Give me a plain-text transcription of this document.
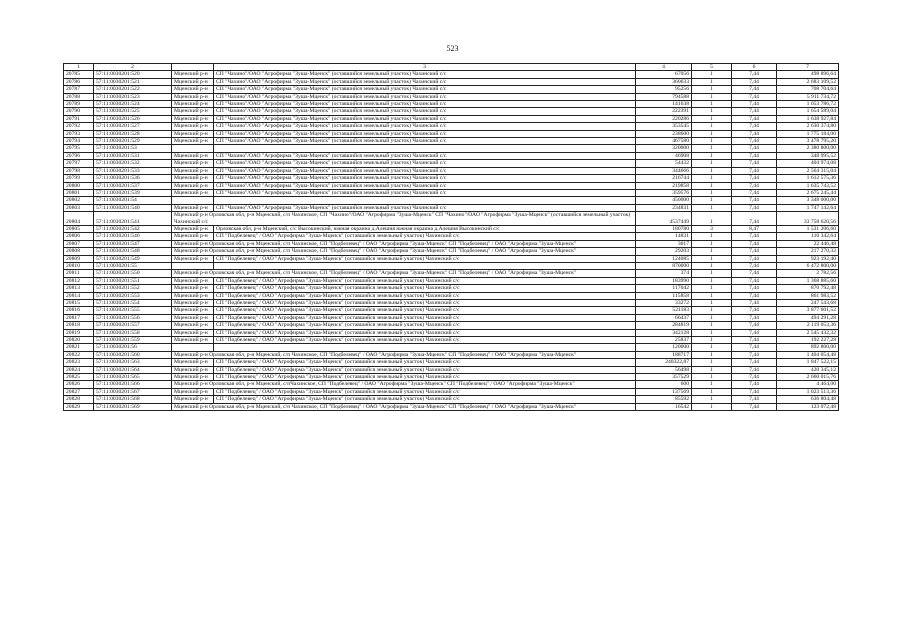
523
1	2		3	4	5	6	7
20785	57:11:0030201:520	Мценский р-н	СП "Чахино"/ОАО "Агрофирма "Зуша-Мценск" (оставшийся земельный участок) Чахинский с/с	67056	1	7,44	498 896,64
20786	57:11:0030201:521	Мценский р-н	СП "Чахино"/ОАО "Агрофирма "Зуша-Мценск" (оставшийся земельный участок) Чахинский с/с	360633	1	7,44	2 683 109,52
20787	57:11:0030201:522	Мценский р-н	СП "Чахино"/ОАО "Агрофирма "Зуша-Мценск" (оставшийся земельный участок) Чахинский с/с	95256	1	7,44	708 704,64
20788	57:11:0030201:523	Мценский р-н	СП "Чахино"/ОАО "Агрофирма "Зуша-Мценск" (оставшийся земельный участок) Чахинский с/с	794588	1	7,44	5 911 734,72
20789	57:11:0030201:524	Мценский р-н	СП "Чахино"/ОАО "Агрофирма "Зуша-Мценск" (оставшийся земельный участок) Чахинский с/с	141638	1	7,44	1 053 786,72
20790	57:11:0030201:525	Мценский р-н	СП "Чахино"/ОАО "Агрофирма "Зуша-Мценск" (оставшийся земельный участок) Чахинский с/с	222391	1	7,44	1 654 589,04
20791	57:11:0030201:526	Мценский р-н	СП "Чахино"/ОАО "Агрофирма "Зуша-Мценск" (оставшийся земельный участок) Чахинский с/с	220286	1	7,44	1 638 927,84
20792	57:11:0030201:527	Мценский р-н	СП "Чахино"/ОАО "Агрофирма "Зуша-Мценск" (оставшийся земельный участок) Чахинский с/с	353545	1	7,44	2 630 374,80
20793	57:11:0030201:528	Мценский р-н	СП "Чахино"/ОАО "Агрофирма "Зуша-Мценск" (оставшийся земельный участок) Чахинский с/с	238600	1	7,44	1 775 184,00
20794	57:11:0030201:529	Мценский р-н	СП "Чахино"/ОАО "Агрофирма "Зуша-Мценск" (оставшийся земельный участок) Чахинский с/с	467580	1	7,44	3 478 795,20
20795	57:11:0030201:53			320000	1	7,44	2 380 800,00
20796	57:11:0030201:531	Мценский р-н	СП "Чахино"/ОАО "Агрофирма "Зуша-Мценск" (оставшийся земельный участок) Чахинский с/с	46908	1	7,44	348 995,52
20797	57:11:0030201:532	Мценский р-н	СП "Чахино"/ОАО "Агрофирма "Зуша-Мценск" (оставшийся земельный участок) Чахинский с/с	54432	1	7,44	404 974,08
20798	57:11:0030201:533	Мценский р-н	СП "Чахино"/ОАО "Агрофирма "Зуша-Мценск" (оставшийся земельный участок) Чахинский с/с	344666	1	7,44	2 564 315,04
20799	57:11:0030201:536	Мценский р-н	СП "Чахино"/ОАО "Агрофирма "Зуша-Мценск" (оставшийся земельный участок) Чахинский с/с	216744	1	7,44	1 612 575,36
20800	57:11:0030201:537	Мценский р-н	СП "Чахино"/ОАО "Агрофирма "Зуша-Мценск" (оставшийся земельный участок) Чахинский с/с	219858	1	7,44	1 635 743,52
20801	57:11:0030201:539	Мценский р-н	СП "Чахино"/ОАО "Агрофирма "Зуша-Мценск" (оставшийся земельный участок) Чахинский с/с	359576	1	7,44	2 675 245,44
20802	57:11:0030201:54			450000	1	7,44	3 348 000,00
20803	57:11:0030201:540	Мценский р-н	СП "Чахино"/ОАО "Агрофирма "Зуша-Мценск" (оставшийся земельный участок) Чахинский с/с	234831	1	7,44	1 747 142,64
20804	57:11:0030201:541	Мценский р-н Орловская обл, р-н Мценский, с/п Чахинское, СП "Чахино"/ОАО "Агрофирма "Зуша-Мценск" СП "Чахино"/ОАО "Агрофирма "Зуша-Мценск" (оставшийся земельный участок) Чахинский с/с		4537449	1	7,44	33 758 620,56
20805	57:11:0030201:542	Мценский р-н	Орловская обл, р-н Мценский, с/с Высокинский, южная окраина д.Алешня южная окраина д.Алешня Высокинский с/с	180780	3	8,47	1 531 206,60
20806	57:11:0030201:546	Мценский р-н	СП "Подбелевец" / ОАО "Агрофирма "Зуша-Мценск" (оставшийся земельный участок) Чахинский с/с	14831	1	7,44	110 342,64
20807	57:11:0030201:547	Мценский р-н Орловская обл, р-н Мценский, с/п Чахинское, СП "Подбелевец" / ОАО "Агрофирма "Зуша-Мценск" СП "Подбелевец" / ОАО "Агрофирма "Зуша-Мценск"		3017	1	7,44	22 446,48
20808	57:11:0030201:548	Мценский р-н Орловская обл, р-н Мценский, с/п Чахинское, СП "Подбелевец" / ОАО "Агрофирма "Зуша-Мценск" СП "Подбелевец" / ОАО "Агрофирма "Зуша-Мценск"		29203	1	7,44	217 270,32
20809	57:11:0030201:549	Мценский р-н	СП "Подбелевец" / ОАО "Агрофирма "Зуша-Мценск" (оставшийся земельный участок) Чахинский с/с	124085	1	7,44	923 192,40
20810	57:11:0030201:55			870000	1	7,44	6 472 800,00
20811	57:11:0030201:550	Мценский р-н Орловская обл, р-н Мценский, с/п Чахинское, СП "Подбелевец" / ОАО "Агрофирма "Зуша-Мценск" СП "Подбелевец" / ОАО "Агрофирма "Зуша-Мценск"		374	1	7,44	2 782,56
20812	57:11:0030201:551	Мценский р-н	СП "Подбелевец" / ОАО "Агрофирма "Зуша-Мценск" (оставшийся земельный участок) Чахинский с/с	183990	1	7,44	1 368 885,60
20813	57:11:0030201:552	Мценский р-н	СП "Подбелевец" / ОАО "Агрофирма "Зуша-Мценск" (оставшийся земельный участок) Чахинский с/с	117042	1	7,44	870 792,48
20814	57:11:0030201:553	Мценский р-н	СП "Подбелевец" / ОАО "Агрофирма "Зуша-Мценск" (оставшийся земельный участок) Чахинский с/с	115858	1	7,44	861 983,52
20815	57:11:0030201:554	Мценский р-н	СП "Подбелевец" / ОАО "Агрофирма "Зуша-Мценск" (оставшийся земельный участок) Чахинский с/с	33272	1	7,44	247 543,68
20816	57:11:0030201:555	Мценский р-н	СП "Подбелевец" / ОАО "Агрофирма "Зуша-Мценск" (оставшийся земельный участок) Чахинский с/с	521183	1	7,44	3 877 601,52
20817	57:11:0030201:556	Мценский р-н	СП "Подбелевец" / ОАО "Агрофирма "Зуша-Мценск" (оставшийся земельный участок) Чахинский с/с	66437	1	7,44	494 291,28
20818	57:11:0030201:557	Мценский р-н	СП "Подбелевец" / ОАО "Агрофирма "Зуша-Мценск" (оставшийся земельный участок) Чахинский с/с	284819	1	7,44	2 119 053,36
20819	57:11:0030201:558	Мценский р-н	СП "Подбелевец" / ОАО "Агрофирма "Зуша-Мценск" (оставшийся земельный участок) Чахинский с/с	342128	1	7,44	2 545 432,32
20820	57:11:0030201:559	Мценский р-н	СП "Подбелевец" / ОАО "Агрофирма "Зуша-Мценск" (оставшийся земельный участок) Чахинский с/с	25837	1	7,44	192 227,28
20821	57:11:0030201:56			120000	1	7,44	892 800,00
20822	57:11:0030201:560	Мценский р-н Орловская обл, р-н Мценский, с/п Чахинское, СП "Подбелевец" / ОАО "Агрофирма "Зуша-Мценск" СП "Подбелевец" / ОАО "Агрофирма "Зуша-Мценск"		188717	1	7,44	1 404 054,48
20823	57:11:0030201:563	Мценский р-н	СП "Подбелевец" / ОАО "Агрофирма "Зуша-Мценск" (оставшийся земельный участок) Чахинский с/с	248322,87	1	7,44	1 847 522,15
20824	57:11:0030201:564	Мценский р-н	СП "Подбелевец" / ОАО "Агрофирма "Зуша-Мценск" (оставшийся земельный участок) Чахинский с/с	56498	1	7,44	420 345,12
20825	57:11:0030201:565	Мценский р-н	СП "Подбелевец" / ОАО "Агрофирма "Зуша-Мценск" (оставшийся земельный участок) Чахинский с/с	357529	1	7,44	2 660 015,76
20826	57:11:0030201:566	Мценский р-н Орловская обл, р-н Мценский, с/пЧахинское, СП "Подбелевец" / ОАО "Агрофирма "Зуша-Мценск" СП "Подбелевец" / ОАО "Агрофирма "Зуша-Мценск"		600	1	7,44	4 464,00
20827	57:11:0030201:567	Мценский р-н	СП "Подбелевец" / ОАО "Агрофирма "Зуша-Мценск" (оставшийся земельный участок) Чахинский с/с	137569	1	7,44	1 023 513,36
20828	57:11:0030201:568	Мценский р-н	СП "Подбелевец" / ОАО "Агрофирма "Зуша-Мценск" (оставшийся земельный участок) Чахинский с/с	85592	1	7,44	636 804,48
20829	57:11:0030201:569	Мценский р-н Орловская обл, р-н Мценский, с/п Чахинское, СП "Подбелевец" / ОАО "Агрофирма "Зуша-Мценск" СП "Подбелевец" / ОАО "Агрофирма "Зуша-Мценск"		16542	1	7,44	123 072,48
